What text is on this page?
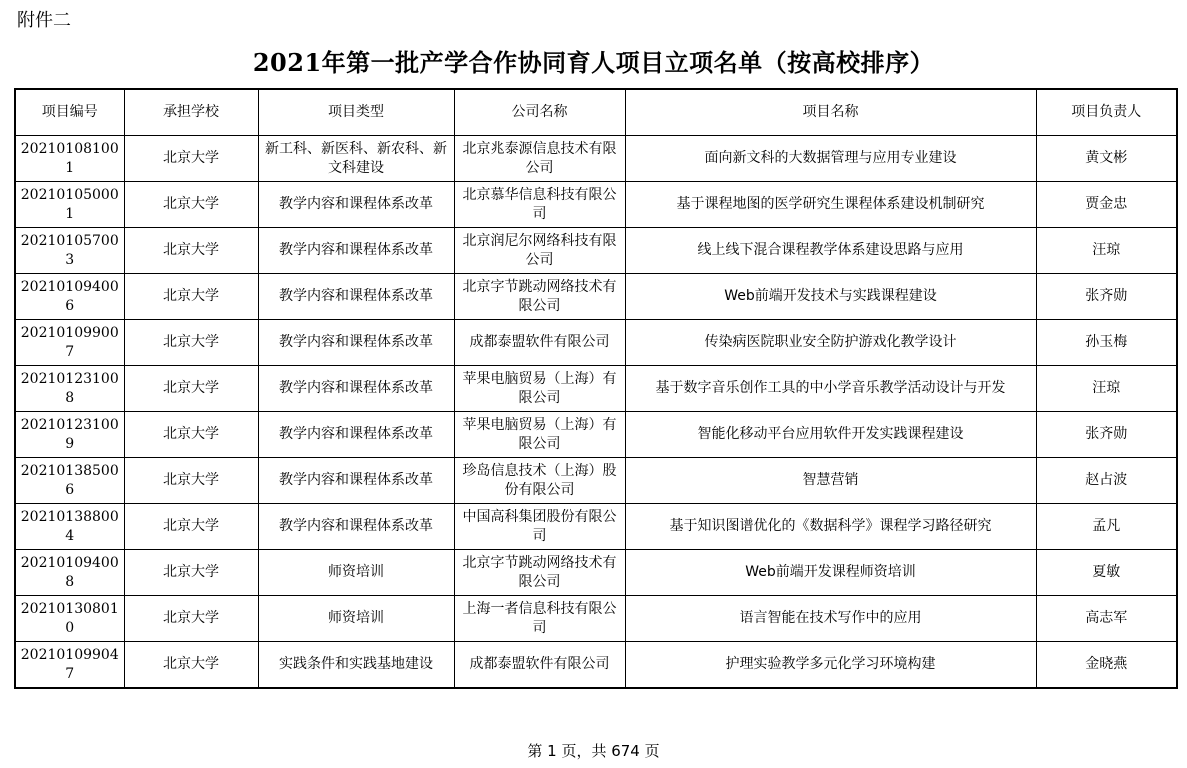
附件二
2021年第一批产学合作协同育人项目立项名单（按高校排序）
项目编号	承担学校	项目类型	公司名称	项目名称	项目负责人
202101081001	北京大学	新工科、新医科、新农科、新文科建设	北京兆泰源信息技术有限公司	面向新文科的大数据管理与应用专业建设	黄文彬
202101050001	北京大学	教学内容和课程体系改革	北京慕华信息科技有限公司	基于课程地图的医学研究生课程体系建设机制研究	贾金忠
202101057003	北京大学	教学内容和课程体系改革	北京润尼尔网络科技有限公司	线上线下混合课程教学体系建设思路与应用	汪琼
202101094006	北京大学	教学内容和课程体系改革	北京字节跳动网络技术有限公司	Web前端开发技术与实践课程建设	张齐勋
202101099007	北京大学	教学内容和课程体系改革	成都泰盟软件有限公司	传染病医院职业安全防护游戏化教学设计	孙玉梅
202101231008	北京大学	教学内容和课程体系改革	苹果电脑贸易（上海）有限公司	基于数字音乐创作工具的中小学音乐教学活动设计与开发	汪琼
202101231009	北京大学	教学内容和课程体系改革	苹果电脑贸易（上海）有限公司	智能化移动平台应用软件开发实践课程建设	张齐勋
202101385006	北京大学	教学内容和课程体系改革	珍岛信息技术（上海）股份有限公司	智慧营销	赵占波
202101388004	北京大学	教学内容和课程体系改革	中国高科集团股份有限公司	基于知识图谱优化的《数据科学》课程学习路径研究	孟凡
202101094008	北京大学	师资培训	北京字节跳动网络技术有限公司	Web前端开发课程师资培训	夏敏
202101308010	北京大学	师资培训	上海一者信息科技有限公司	语言智能在技术写作中的应用	高志军
202101099047	北京大学	实践条件和实践基地建设	成都泰盟软件有限公司	护理实验教学多元化学习环境构建	金晓燕
第 1 页，共 674 页
